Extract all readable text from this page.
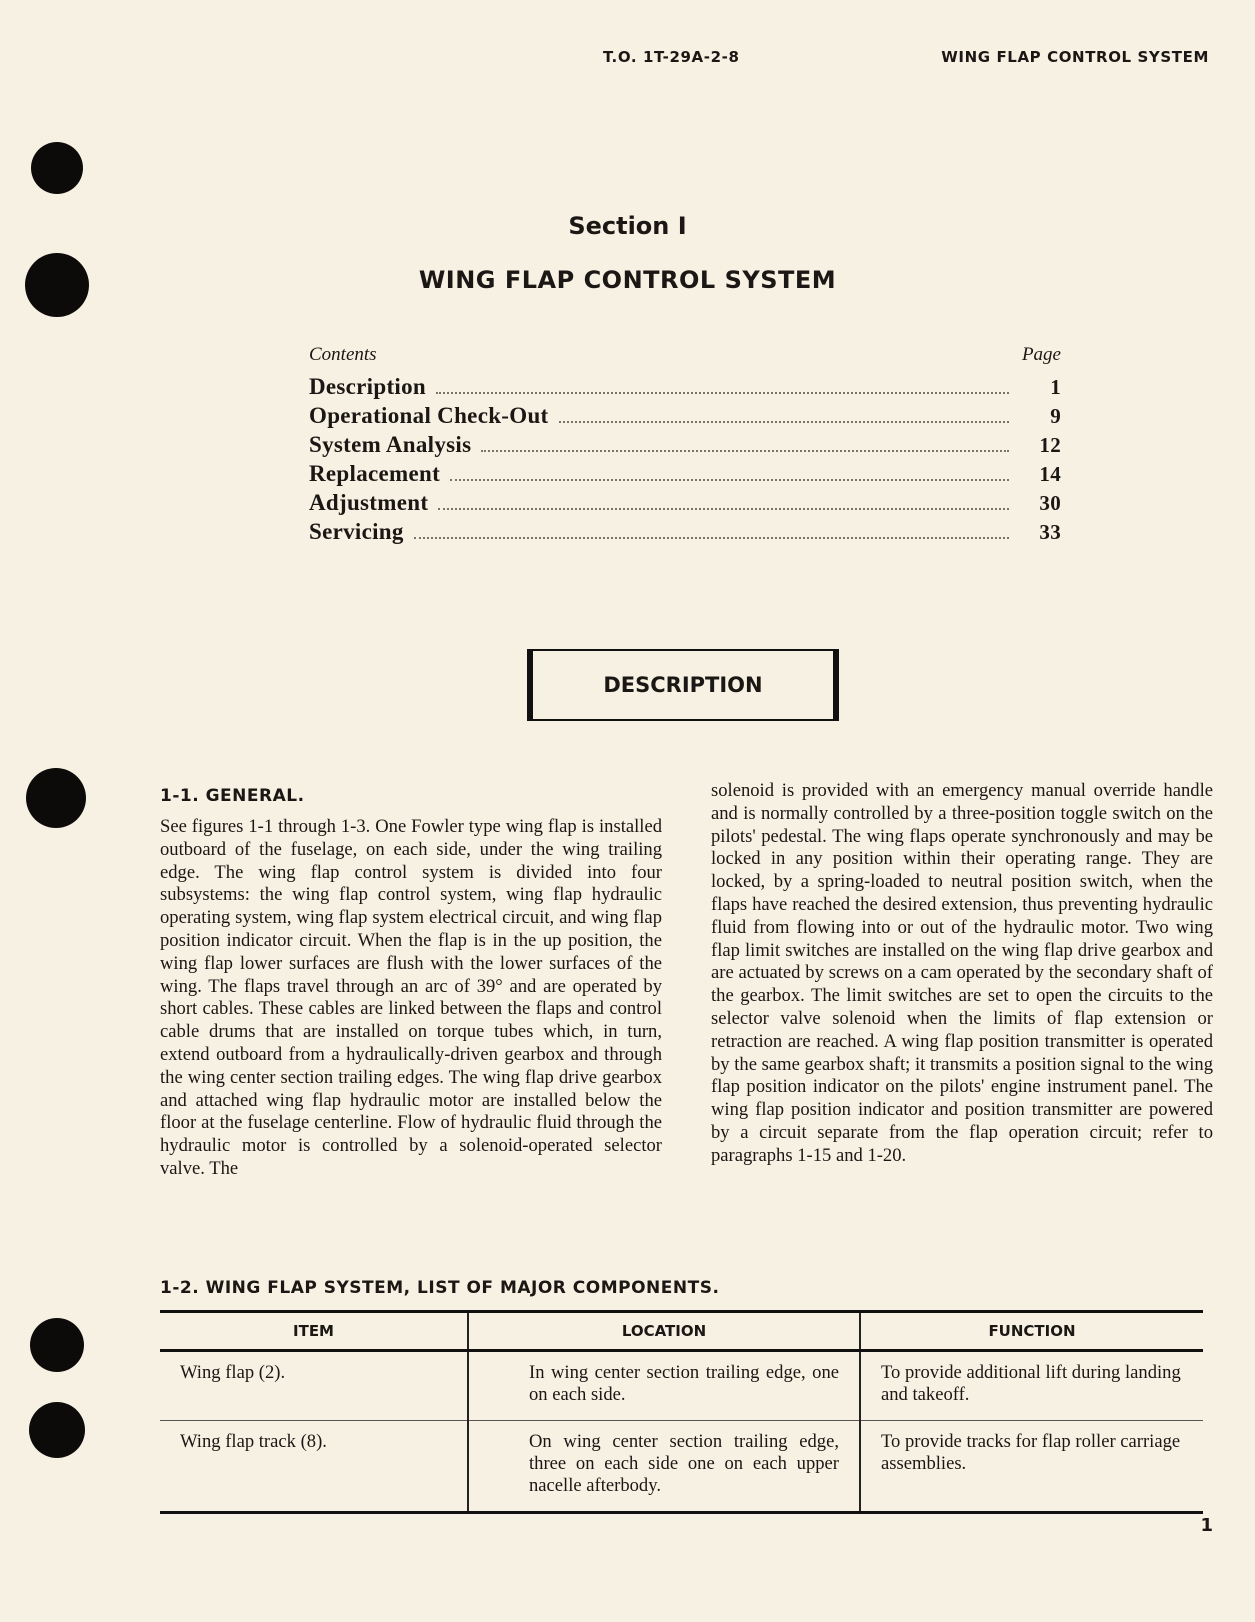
T.O. 1T-29A-2-8	WING FLAP CONTROL SYSTEM
Section I
WING FLAP CONTROL SYSTEM
Contents	Page
Description	1
Operational Check-Out	9
System Analysis	12
Replacement	14
Adjustment	30
Servicing	33
DESCRIPTION
1-1. GENERAL.

See figures 1-1 through 1-3. One Fowler type wing flap is installed outboard of the fuselage, on each side, under the wing trailing edge. The wing flap control system is divided into four subsystems: the wing flap control system, wing flap hydraulic operating system, wing flap system electrical circuit, and wing flap position indicator circuit. When the flap is in the up position, the wing flap lower surfaces are flush with the lower surfaces of the wing. The flaps travel through an arc of 39° and are operated by short cables. These cables are linked between the flaps and control cable drums that are installed on torque tubes which, in turn, extend outboard from a hydraulically-driven gearbox and through the wing center section trailing edges. The wing flap drive gearbox and attached wing flap hydraulic motor are installed below the floor at the fuselage centerline. Flow of hydraulic fluid through the hydraulic motor is controlled by a solenoid-operated selector valve. The

solenoid is provided with an emergency manual override handle and is normally controlled by a three-position toggle switch on the pilots' pedestal. The wing flaps operate synchronously and may be locked in any position within their operating range. They are locked, by a spring-loaded to neutral position switch, when the flaps have reached the desired extension, thus preventing hydraulic fluid from flowing into or out of the hydraulic motor. Two wing flap limit switches are installed on the wing flap drive gearbox and are actuated by screws on a cam operated by the secondary shaft of the gearbox. The limit switches are set to open the circuits to the selector valve solenoid when the limits of flap extension or retraction are reached. A wing flap position transmitter is operated by the same gearbox shaft; it transmits a position signal to the wing flap position indicator on the pilots' engine instrument panel. The wing flap position indicator and position transmitter are powered by a circuit separate from the flap operation circuit; refer to paragraphs 1-15 and 1-20.

1-2. WING FLAP SYSTEM, LIST OF MAJOR COMPONENTS.
ITEM	LOCATION	FUNCTION
Wing flap (2).	In wing center section trailing edge, one on each side.	To provide additional lift during landing and takeoff.
Wing flap track (8).	On wing center section trailing edge, three on each side one on each upper nacelle afterbody.	To provide tracks for flap roller carriage assemblies.
1
